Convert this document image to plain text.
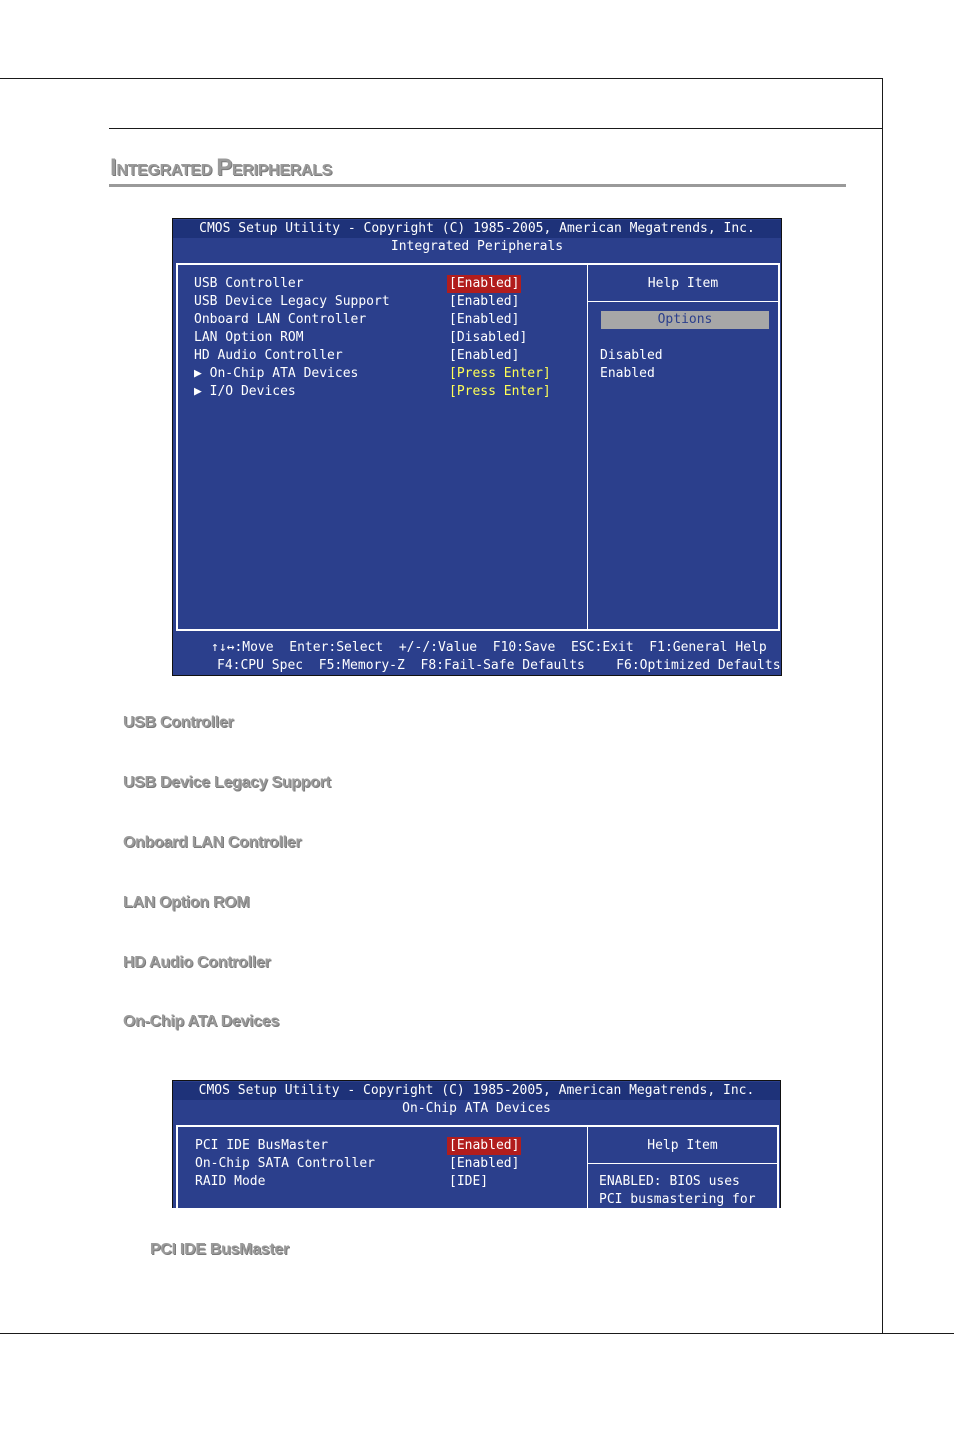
INTEGRATED PERIPHERALS
CMOS Setup Utility - Copyright (C) 1985-2005, American Megatrends, Inc.
Integrated Peripherals
USB Controller	[Enabled]
USB Device Legacy Support	[Enabled]
Onboard LAN Controller	[Enabled]
LAN Option ROM	[Disabled]
HD Audio Controller	[Enabled]
▶ On-Chip ATA Devices	[Press Enter]
▶ I/O Devices	[Press Enter]
Help Item
Options
Disabled
Enabled
↑↓↔:Move  Enter:Select  +/-/:Value  F10:Save  ESC:Exit  F1:General Help
F4:CPU Spec  F5:Memory-Z  F8:Fail-Safe Defaults    F6:Optimized Defaults
USB Controller
USB Device Legacy Support
Onboard LAN Controller
LAN Option ROM
HD Audio Controller
On-Chip ATA Devices
CMOS Setup Utility - Copyright (C) 1985-2005, American Megatrends, Inc.
On-Chip ATA Devices
PCI IDE BusMaster	[Enabled]
On-Chip SATA Controller	[Enabled]
RAID Mode	[IDE]
Help Item
ENABLED: BIOS uses
PCI busmastering for
PCI IDE BusMaster
